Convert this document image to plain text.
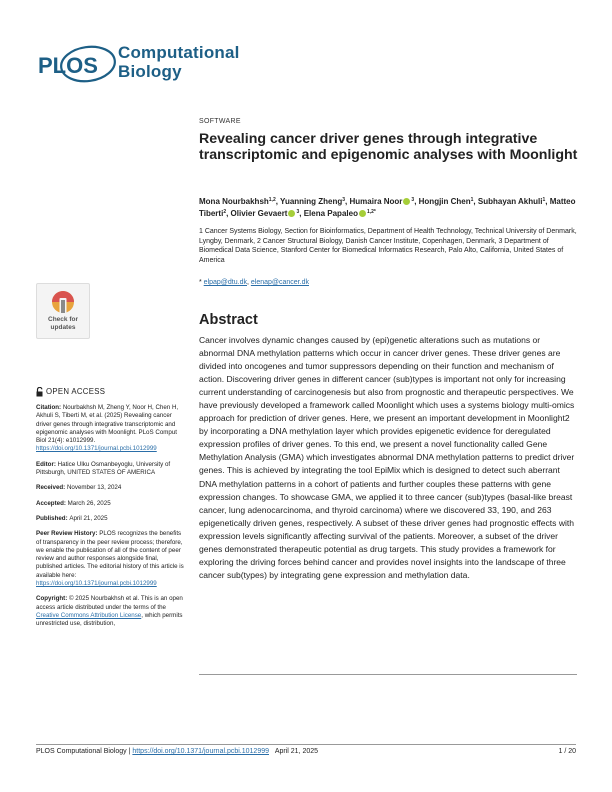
PLOS
Computational
Biology
Check for
updates
SOFTWARE
Revealing cancer driver genes through integrative transcriptomic and epigenomic analyses with Moonlight
Mona Nourbakhsh$^{1,2}$, Yuanning Zheng$^3$, Humaira Noor $^3$, Hongjin Chen$^1$, Subhayan Akhuli$^1$, Matteo Tiberti$^2$, Olivier Gevaert $^3$, Elena Papaleo $^{1,2*}$
1 Cancer Systems Biology, Section for Bioinformatics, Department of Health Technology, Technical University of Denmark, Lyngby, Denmark, 2 Cancer Structural Biology, Danish Cancer Institute, Copenhagen, Denmark, 3 Department of Biomedical Data Science, Stanford Center for Biomedical Informatics Research, Palo Alto, California, United States of America
* elpap@dtu.dk, elenap@cancer.dk
Abstract
Cancer involves dynamic changes caused by (epi)genetic alterations such as mutations or abnormal DNA methylation patterns which occur in cancer driver genes. These driver genes are divided into oncogenes and tumor suppressors depending on their function and mechanism of action. Discovering driver genes in different cancer (sub)types is important not only for increasing current understanding of carcinogenesis but also from prognostic and therapeutic perspectives. We have previously developed a framework called Moonlight which uses a systems biology multi-omics approach for prediction of driver genes. Here, we present an important development in Moonlight2 by incorporating a DNA methylation layer which provides epigenetic evidence for deregulated expression profiles of driver genes. To this end, we present a novel functionality called Gene Methylation Analysis (GMA) which investigates abnormal DNA methylation patterns to predict driver genes. This is achieved by integrating the tool EpiMix which is designed to detect such aberrant DNA methylation patterns in a cohort of patients and further couples these patterns with gene expression changes. To showcase GMA, we applied it to three cancer (sub)types (basal-like breast cancer, lung adenocarcinoma, and thyroid carcinoma) where we discovered 33, 190, and 263 epigenetically driven genes, respectively. A subset of these driver genes had prognostic effects with expression levels significantly affecting survival of the patients. Moreover, a subset of the driver genes demonstrated therapeutic potential as drug targets. This study provides a framework for exploring the driving forces behind cancer and provides novel insights into the landscape of three cancer sub(types) by integrating gene expression and methylation data.
OPEN ACCESS
Citation: Nourbakhsh M, Zheng Y, Noor H, Chen H, Akhuli S, Tiberti M, et al. (2025) Revealing cancer driver genes through integrative transcriptomic and epigenomic analyses with Moonlight. PLoS Comput Biol 21(4): e1012999. https://doi.org/10.1371/journal.pcbi.1012999
Editor: Hatice Ulku Osmanbeyoglu, University of Pittsburgh, UNITED STATES OF AMERICA
Received: November 13, 2024
Accepted: March 26, 2025
Published: April 21, 2025
Peer Review History: PLOS recognizes the benefits of transparency in the peer review process; therefore, we enable the publication of all of the content of peer review and author responses alongside final, published articles. The editorial history of this article is available here: https://doi.org/10.1371/journal.pcbi.1012999
Copyright: © 2025 Nourbakhsh et al. This is an open access article distributed under the terms of the Creative Commons Attribution License, which permits unrestricted use, distribution,
PLOS Computational Biology | https://doi.org/10.1371/journal.pcbi.1012999 April 21, 2025	1 / 20
